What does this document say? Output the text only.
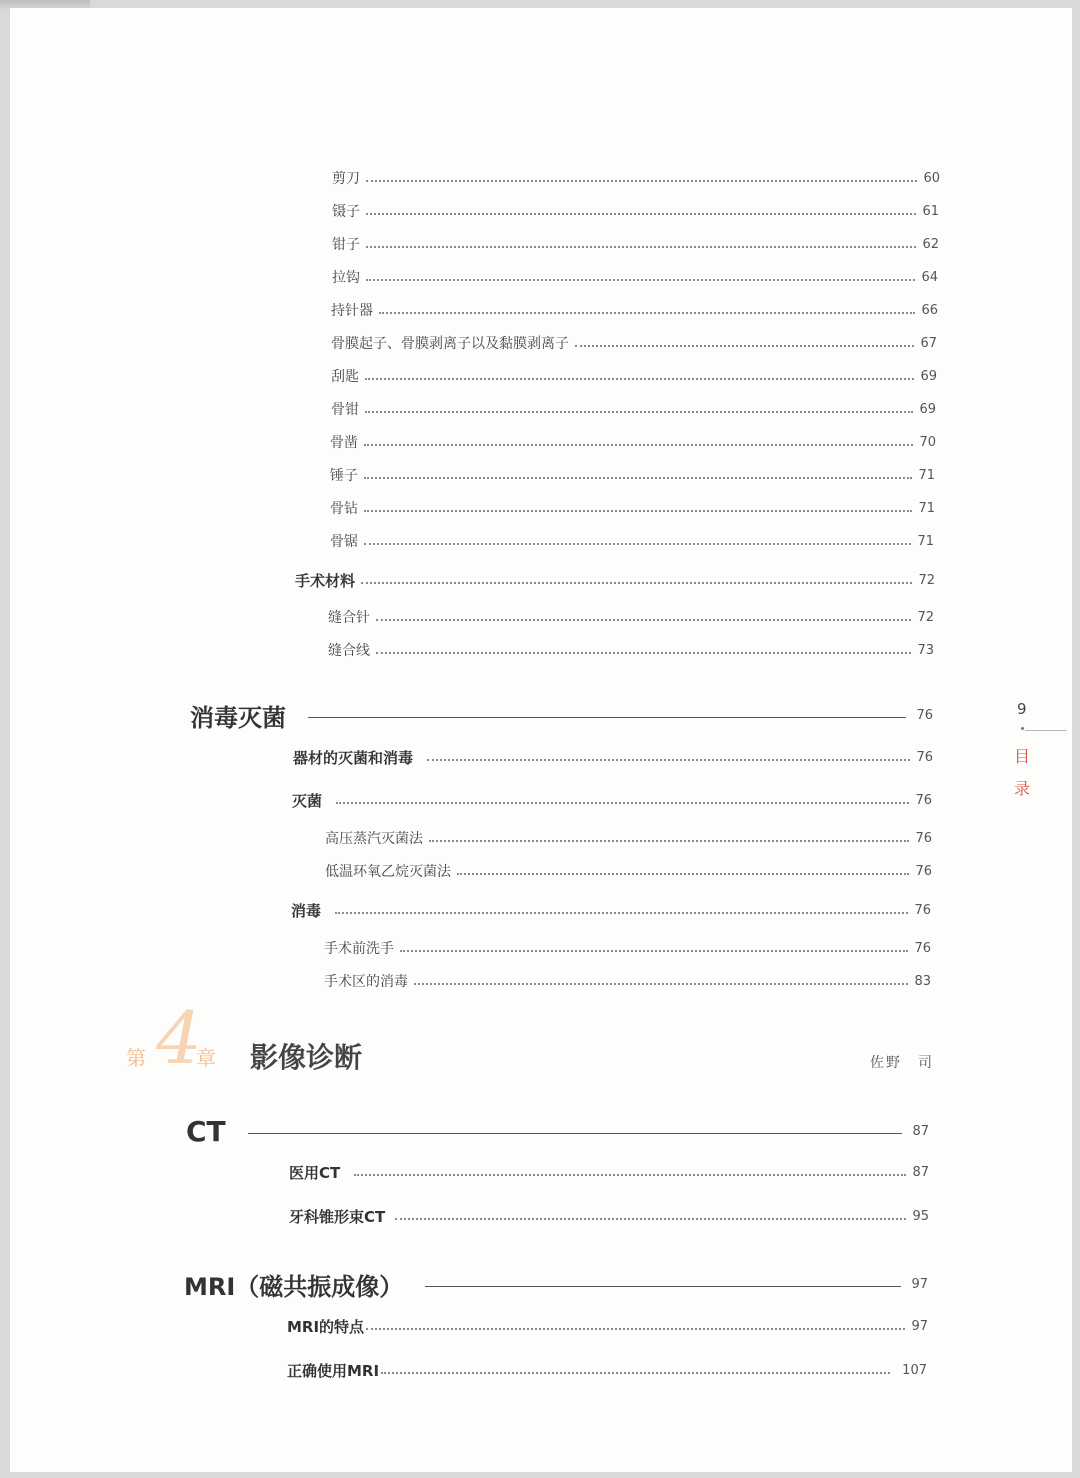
剪刀	60
镊子	61
钳子	62
拉钩	64
持针器	66
骨膜起子、骨膜剥离子以及黏膜剥离子	67
刮匙	69
骨钳	69
骨凿	70
锤子	71
骨钻	71
骨锯	71
手术材料	72
缝合针	72
缝合线	73
消毒灭菌	76
器材的灭菌和消毒	76
灭菌	76
高压蒸汽灭菌法	76
低温环氧乙烷灭菌法	76
消毒	76
手术前洗手	76
手术区的消毒	83
第 4
章 影像诊断	佐野　司
CT	87
医用CT	87
牙科锥形束CT	95
MRI（磁共振成像）	97
MRI的特点	97
正确使用MRI	107
9
目
录
